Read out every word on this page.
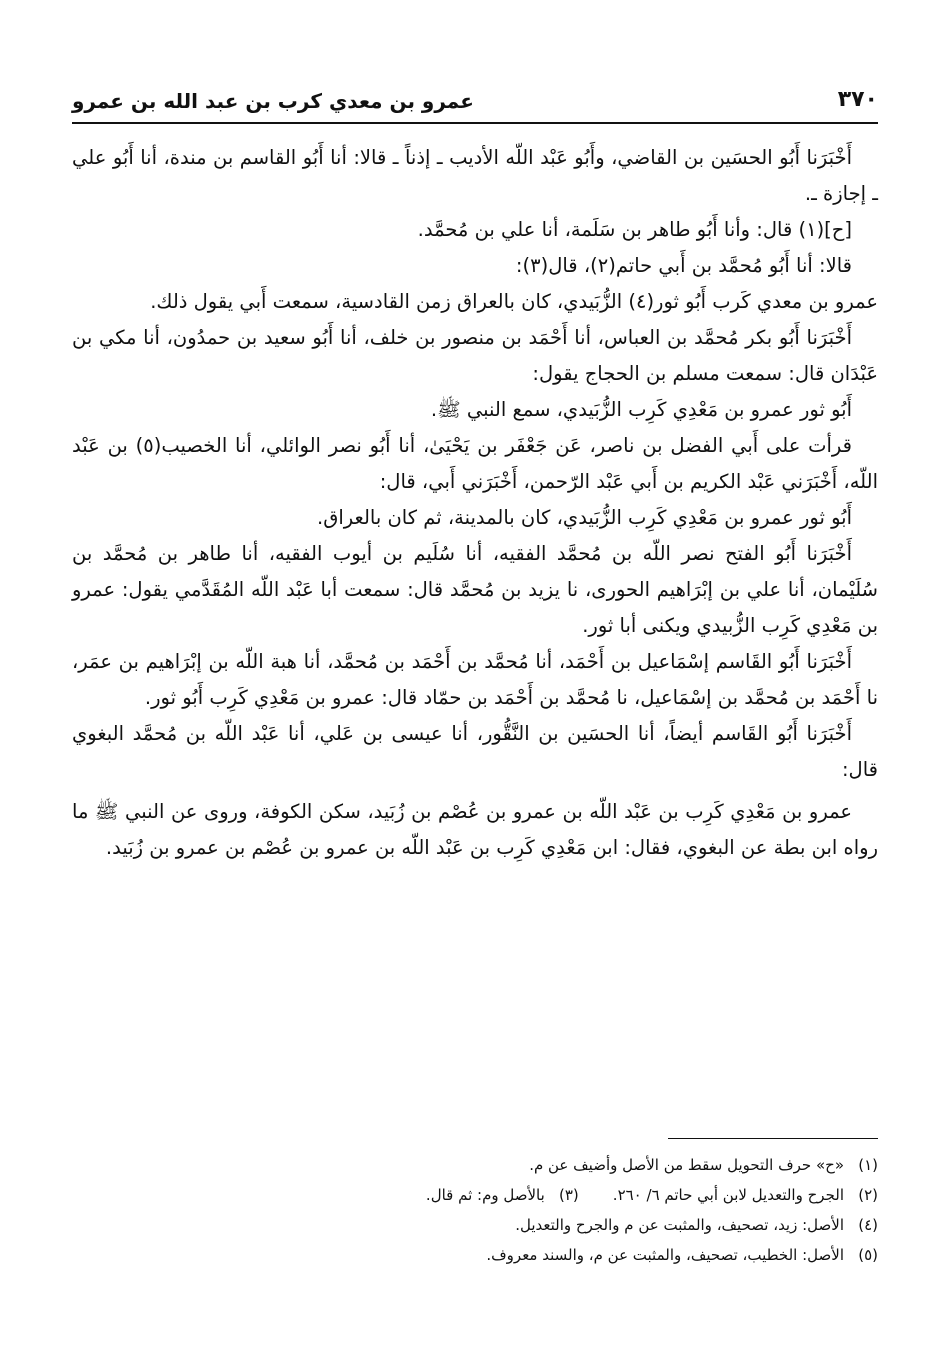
٣٧٠
عمرو بن معدي كرب بن عبد الله بن عمرو

أَخْبَرَنا أَبُو الحسَين بن القاضي، وأَبُو عَبْد اللّه الأديب ـ إذناً ـ قالا: أنا أَبُو القاسم بن مندة، أنا أَبُو علي ـ إجازة ـ.

[ح](١) قال: وأنا أَبُو طاهر بن سَلَمة، أنا علي بن مُحمَّد.

قالا: أنا أَبُو مُحمَّد بن أَبي حاتم(٢)، قال(٣):

عمرو بن معدي كَرب أَبُو ثور(٤) الزُّبَيدي، كان بالعراق زمن القادسية، سمعت أَبي يقول ذلك.

أَخْبَرَنا أَبُو بكر مُحمَّد بن العباس، أنا أَحْمَد بن منصور بن خلف، أنا أَبُو سعيد بن حمدُون، أنا مكي بن عَبْدَان قال: سمعت مسلم بن الحجاج يقول:

أَبُو ثور عمرو بن مَعْدِي كَرِب الزُّبَيدي، سمع النبي ﷺ.

قرأت على أَبي الفضل بن ناصر، عَن جَعْفَر بن يَحْيَىٰ، أنا أَبُو نصر الوائلي، أنا الخصيب(٥) بن عَبْد اللّه، أَخْبَرَني عَبْد الكريم بن أَبي عَبْد الرّحمن، أَخْبَرَني أَبي، قال:

أَبُو ثور عمرو بن مَعْدِي كَرِب الزُّبَيدي، كان بالمدينة، ثم كان بالعراق.

أَخْبَرَنا أَبُو الفتح نصر اللّه بن مُحمَّد الفقيه، أنا سُلَيم بن أيوب الفقيه، أنا طاهر بن مُحمَّد بن سُلَيْمان، أنا علي بن إبْرَاهيم الحورى، نا يزيد بن مُحمَّد قال: سمعت أبا عَبْد اللّه المُقَدَّمي يقول: عمرو بن مَعْدِي كَرِب الزُّبيدي ويكنى أبا ثور.

أَخْبَرَنا أَبُو القَاسم إسْمَاعيل بن أَحْمَد، أنا مُحمَّد بن أَحْمَد بن مُحمَّد، أنا هبة اللّه بن إبْرَاهيم بن عمَر، نا أَحْمَد بن مُحمَّد بن إسْمَاعيل، نا مُحمَّد بن أَحْمَد بن حمّاد قال: عمرو بن مَعْدِي كَرِب أَبُو ثور.

أَخْبَرَنا أَبُو القَاسم أيضاً، أنا الحسَين بن النَّقُّور، أنا عيسى بن عَلي، أنا عَبْد اللّه بن مُحمَّد البغوي قال:

عمرو بن مَعْدِي كَرِب بن عَبْد اللّه بن عمرو بن عُصْم بن زُبَيد، سكن الكوفة، وروى عن النبي ﷺ ما رواه ابن بطة عن البغوي، فقال: ابن مَعْدِي كَرِب بن عَبْد اللّه بن عمرو بن عُصْم بن عمرو بن زُبَيد.

(١)«ح» حرف التحويل سقط من الأصل وأضيف عن م.

(٢)الجرح والتعديل لابن أبي حاتم ٦/ ٢٦٠.(٣)بالأصل وم: ثم قال.

(٤)الأصل: زيد، تصحيف، والمثبت عن م والجرح والتعديل.

(٥)الأصل: الخطيب، تصحيف، والمثبت عن م، والسند معروف.
